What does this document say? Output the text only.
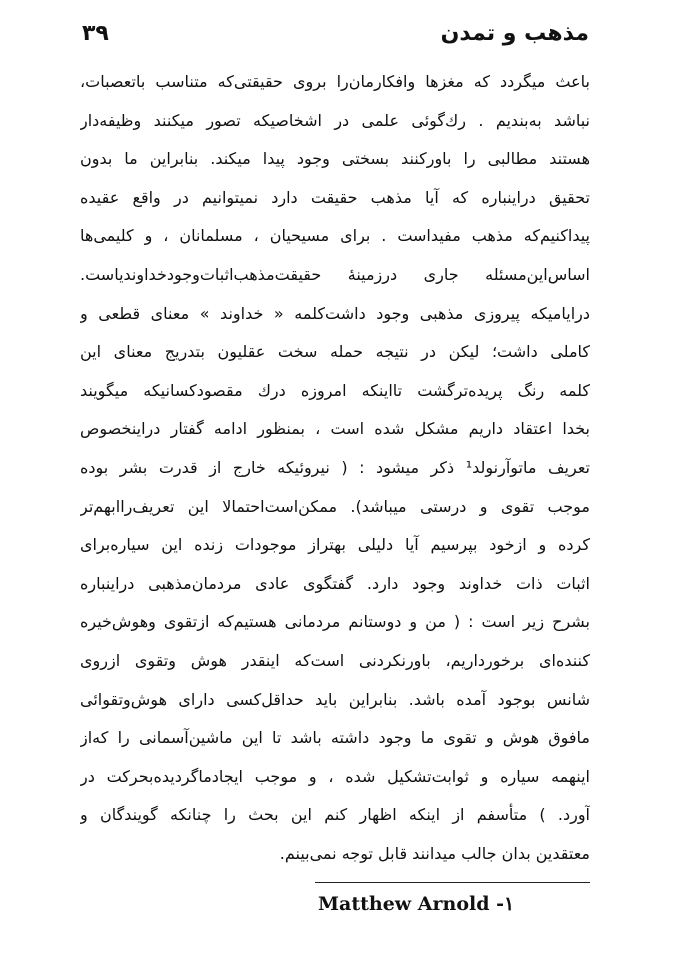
۳۹	مذهب و تمدن
باعث میگردد که مغزها وافکارمان‌را بروی حقیقتی‌که متناسب باتعصبات،
نباشد به‌بندیم . رك‌گوئی علمی در اشخاصیکه تصور میکنند وظیفه‌دار
هستند مطالبی را باورکنند بسختی وجود پیدا میکند. بنابراین ما بدون
تحقیق دراینباره که آیا مذهب حقیقت دارد نمیتوانیم در واقع عقیده
پیداکنیم‌که مذهب مفیداست . برای مسیحیان ، مسلمانان ، و کلیمی‌ها
اساس‌این‌مسئله جاری درزمینهٔ حقیقت‌مذهب‌اثبات‌وجودخداوند‌یاست.
درایامیکه پیروزی مذهبی وجود داشت‌کلمه « خداوند » معنای قطعی و
کاملی داشت؛ لیکن در نتیجه حمله سخت عقلیون بتدریج معنای این
کلمه رنگ پریده‌ترگشت تااینکه امروزه درك مقصودکسانیکه میگویند
بخدا اعتقاد داریم مشکل شده است ، بمنظور ادامه گفتار دراینخصوص
تعریف ماتوآرنولد¹ ذکر میشود : ( نیروئیکه خارج از قدرت بشر بوده
موجب تقوی و درستی میباشد). ممکن‌است‌احتمالا این تعریف‌راابهم‌تر
کرده و ازخود بپرسیم آیا دلیلی بهتراز موجودات زنده این سیاره‌برای
اثبات ذات خداوند وجود دارد. گفتگوی عادی مردمان‌مذهبی دراینباره
بشرح زیر است : ( من و دوستانم مردمانی هستیم‌که ازتقوی وهوش‌خیره
کننده‌ای برخورداریم، باورنکردنی است‌که اینقدر هوش وتقوی ازروی
شانس بوجود آمده باشد. بنابراین باید حداقل‌کسی دارای هوش‌وتقوائی
مافوق هوش و تقوی ما وجود داشته باشد تا این ماشین‌آسمانی را که‌از
اینهمه سیاره و ثوابت‌تشکیل شده ، و موجب ایجادماگردیده‌بحرکت در
آورد. ) متأسفم از اینکه اظهار کنم این بحث را چنانکه گویندگان و
معتقدین بدان جالب میدانند قابل توجه نمی‌بینم.
Matthew Arnold -۱
